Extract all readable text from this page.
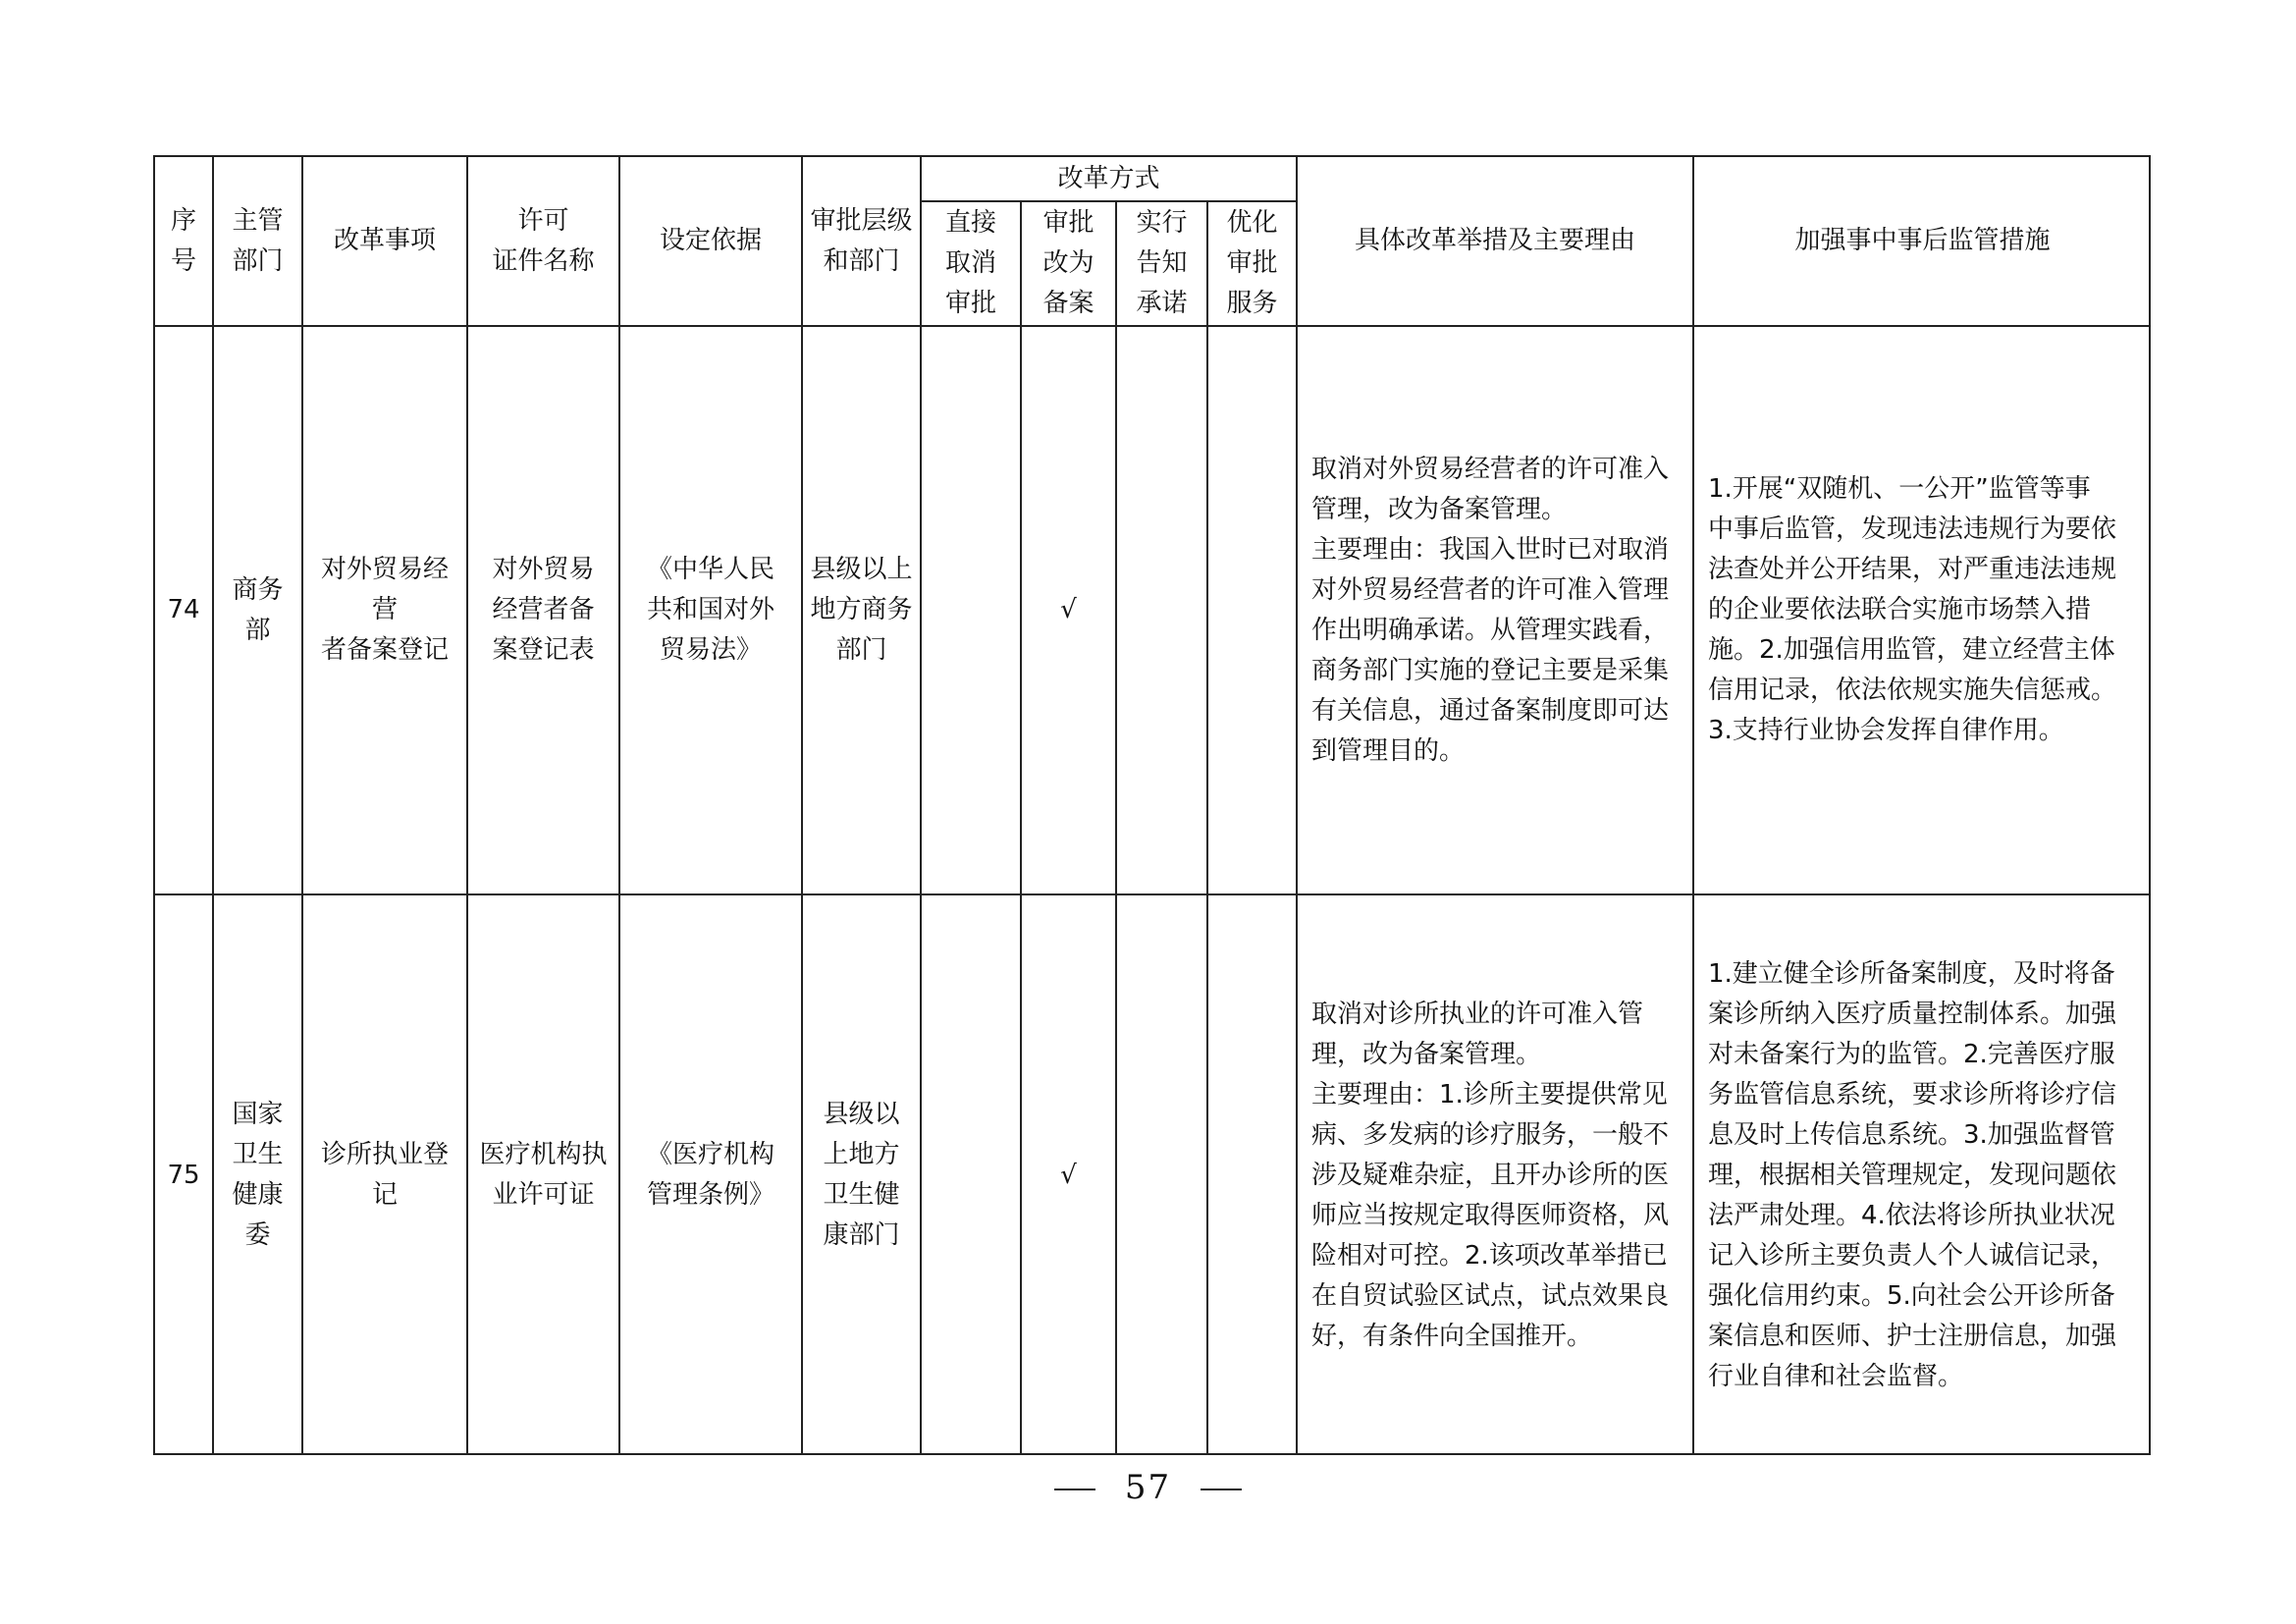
序
号
主管
部门
改革事项
许可
证件名称
设定依据
审批层级
和部门
改革方式
直接
取消
审批
审批
改为
备案
实行
告知
承诺
优化
审批
服务
具体改革举措及主要理由	加强事中事后监管措施
74
商务部
对外贸易经营
者备案登记
对外贸易
经营者备
案登记表
《中华人民
共和国对外
贸易法》
县级以上
地方商务
部门
√
取消对外贸易经营者的许可准入
管理，改为备案管理。
主要理由：我国入世时已对取消
对外贸易经营者的许可准入管理
作出明确承诺。从管理实践看，
商务部门实施的登记主要是采集
有关信息，通过备案制度即可达
到管理目的。
1.开展“双随机、一公开”监管等事
中事后监管，发现违法违规行为要依
法查处并公开结果，对严重违法违规
的企业要依法联合实施市场禁入措
施。2.加强信用监管，建立经营主体
信用记录，依法依规实施失信惩戒。
3.支持行业协会发挥自律作用。
75
国家
卫生
健康委
诊所执业登记
医疗机构执
业许可证
《医疗机构
管理条例》
县级以
上地方
卫生健
康部门
√
取消对诊所执业的许可准入管
理，改为备案管理。
主要理由：1.诊所主要提供常见
病、多发病的诊疗服务，一般不
涉及疑难杂症，且开办诊所的医
师应当按规定取得医师资格，风
险相对可控。2.该项改革举措已
在自贸试验区试点，试点效果良
好，有条件向全国推开。
1.建立健全诊所备案制度，及时将备
案诊所纳入医疗质量控制体系。加强
对未备案行为的监管。2.完善医疗服
务监管信息系统，要求诊所将诊疗信
息及时上传信息系统。3.加强监督管
理，根据相关管理规定，发现问题依
法严肃处理。4.依法将诊所执业状况
记入诊所主要负责人个人诚信记录，
强化信用约束。5.向社会公开诊所备
案信息和医师、护士注册信息，加强
行业自律和社会监督。
57
